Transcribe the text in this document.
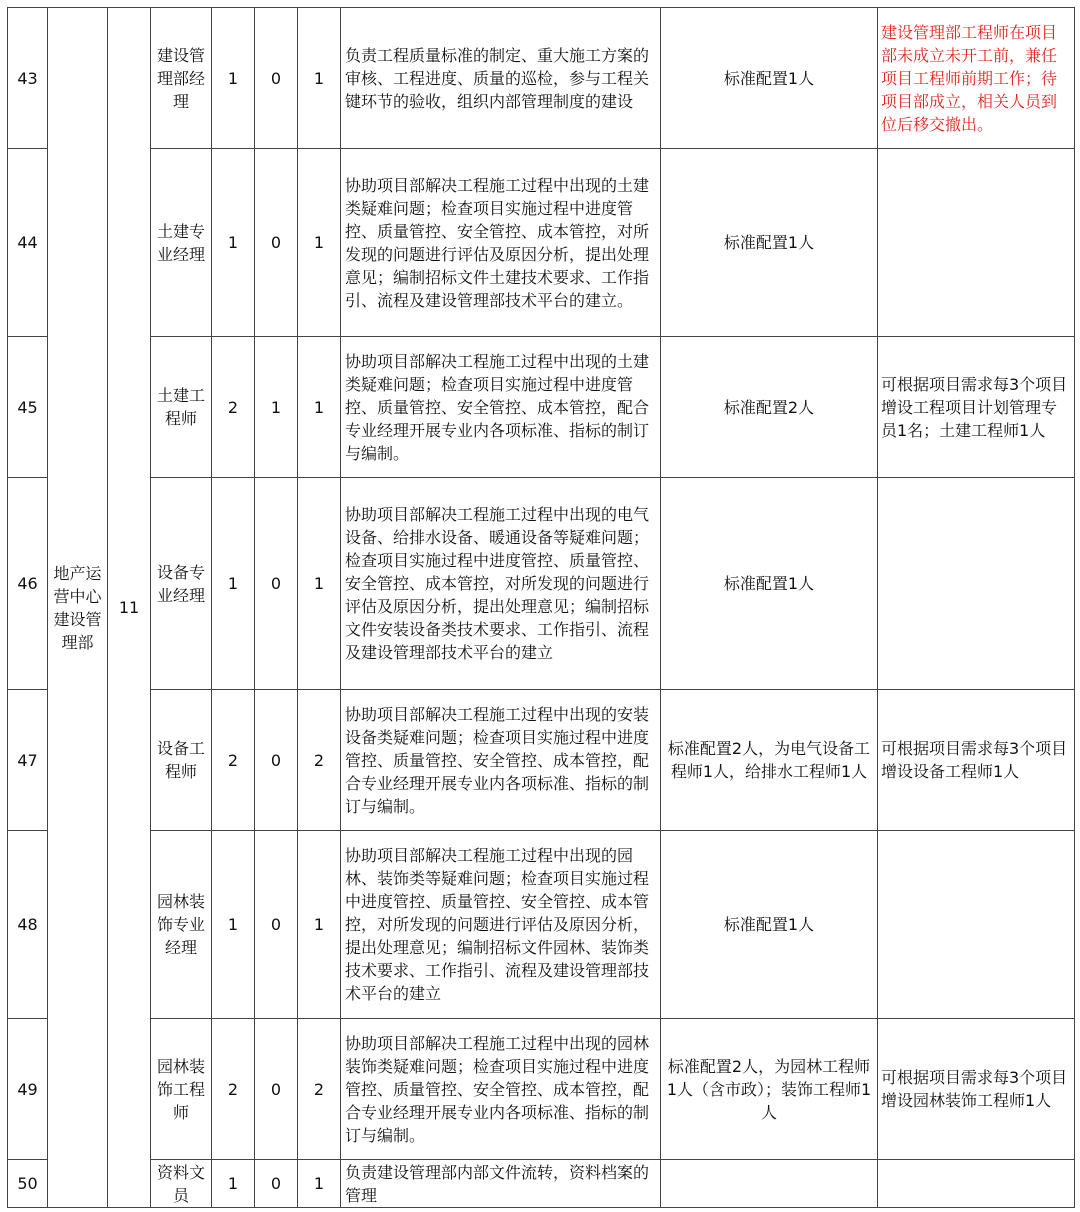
43	地产运营中心建设管理部	11	建设管理部经理	1	0	1	负责工程质量标准的制定、重大施工方案的审核、工程进度、质量的巡检，参与工程关键环节的验收，组织内部管理制度的建设	标准配置1人	建设管理部工程师在项目部未成立未开工前，兼任项目工程师前期工作；待项目部成立，相关人员到位后移交撤出。
44			土建专业经理	1	0	1	协助项目部解决工程施工过程中出现的土建类疑难问题；检查项目实施过程中进度管控、质量管控、安全管控、成本管控，对所发现的问题进行评估及原因分析，提出处理意见；编制招标文件土建技术要求、工作指引、流程及建设管理部技术平台的建立。	标准配置1人	
45			土建工程师	2	1	1	协助项目部解决工程施工过程中出现的土建类疑难问题；检查项目实施过程中进度管控、质量管控、安全管控、成本管控，配合专业经理开展专业内各项标准、指标的制订与编制。	标准配置2人	可根据项目需求每3个项目增设工程项目计划管理专员1名；土建工程师1人
46			设备专业经理	1	0	1	协助项目部解决工程施工过程中出现的电气设备、给排水设备、暖通设备等疑难问题；检查项目实施过程中进度管控、质量管控、安全管控、成本管控，对所发现的问题进行评估及原因分析，提出处理意见；编制招标文件安装设备类技术要求、工作指引、流程及建设管理部技术平台的建立	标准配置1人	
47			设备工程师	2	0	2	协助项目部解决工程施工过程中出现的安装设备类疑难问题；检查项目实施过程中进度管控、质量管控、安全管控、成本管控，配合专业经理开展专业内各项标准、指标的制订与编制。	标准配置2人，为电气设备工程师1人，给排水工程师1人	可根据项目需求每3个项目增设设备工程师1人
48			园林装饰专业经理	1	0	1	协助项目部解决工程施工过程中出现的园林、装饰类等疑难问题；检查项目实施过程中进度管控、质量管控、安全管控、成本管控，对所发现的问题进行评估及原因分析，提出处理意见；编制招标文件园林、装饰类技术要求、工作指引、流程及建设管理部技术平台的建立	标准配置1人	
49			园林装饰工程师	2	0	2	协助项目部解决工程施工过程中出现的园林装饰类疑难问题；检查项目实施过程中进度管控、质量管控、安全管控、成本管控，配合专业经理开展专业内各项标准、指标的制订与编制。	标准配置2人，为园林工程师1人（含市政）；装饰工程师1人	可根据项目需求每3个项目增设园林装饰工程师1人
50			资料文员	1	0	1	负责建设管理部内部文件流转，资料档案的管理		
